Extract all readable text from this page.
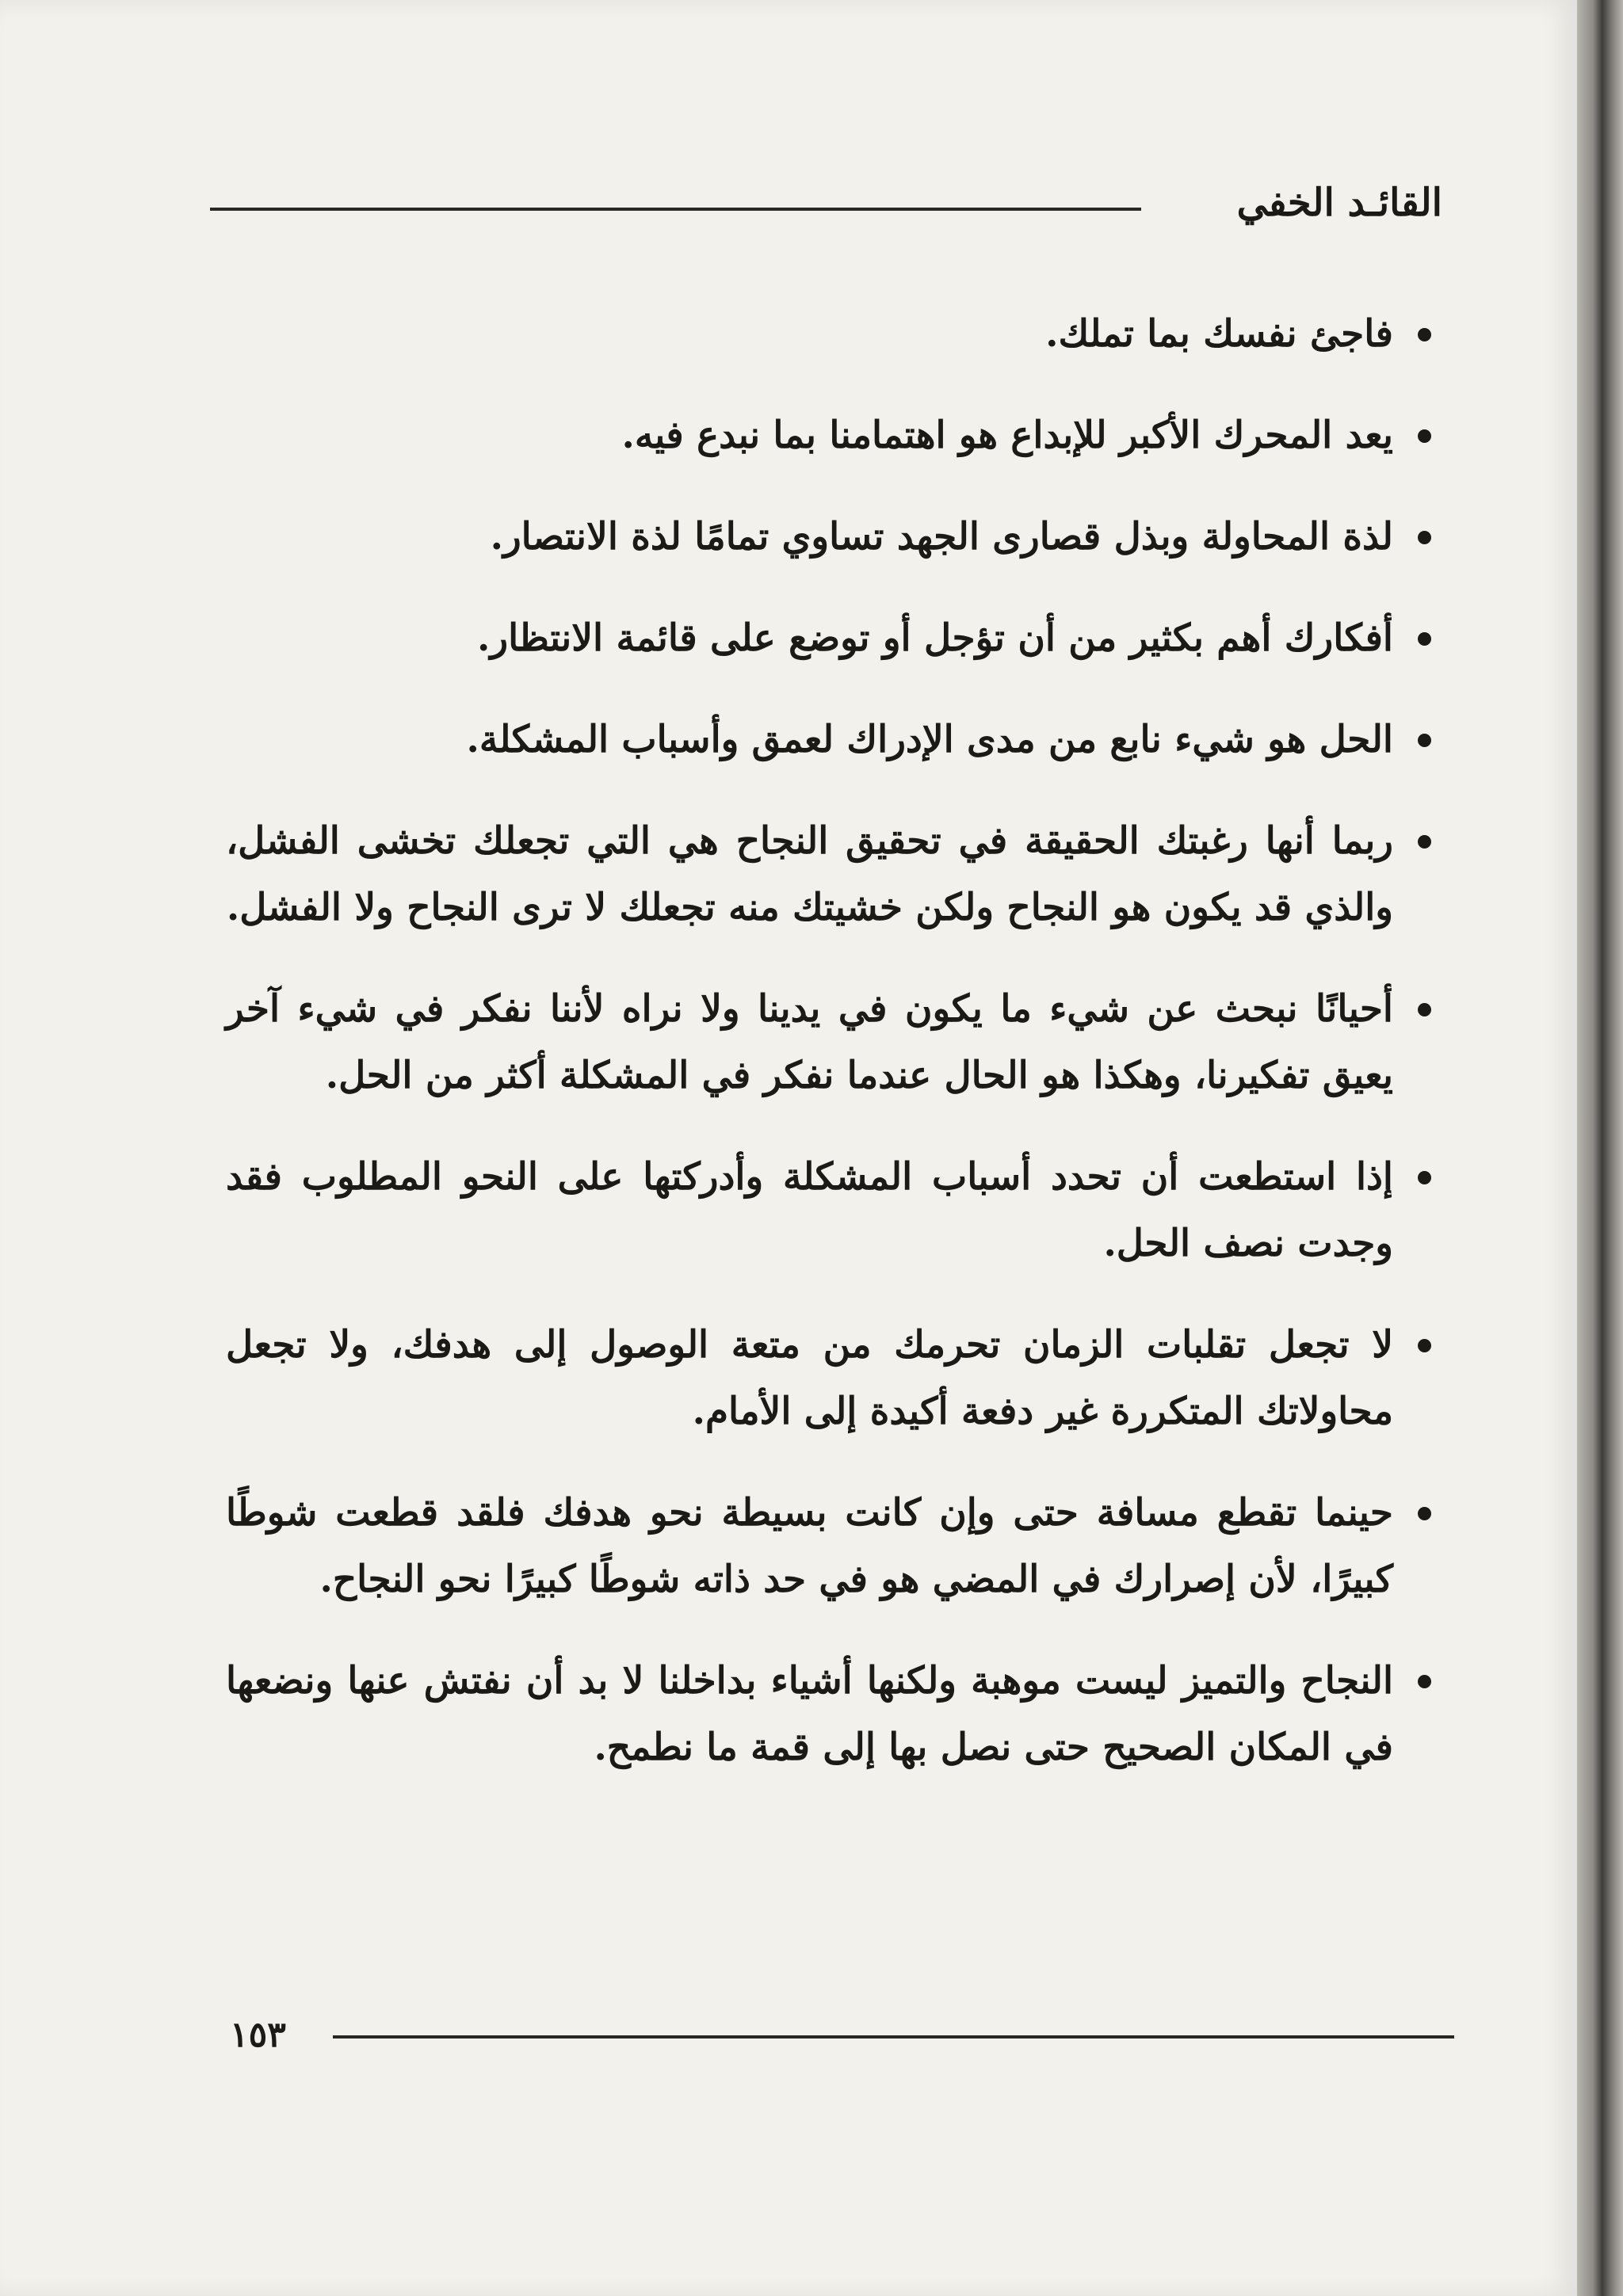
القائـد الخفي
فاجئ نفسك بما تملك.
يعد المحرك الأكبر للإبداع هو اهتمامنا بما نبدع فيه.
لذة المحاولة وبذل قصارى الجهد تساوي تمامًا لذة الانتصار.
أفكارك أهم بكثير من أن تؤجل أو توضع على قائمة الانتظار.
الحل هو شيء نابع من مدى الإدراك لعمق وأسباب المشكلة.
ربما أنها رغبتك الحقيقة في تحقيق النجاح هي التي تجعلك تخشى الفشل، والذي قد يكون هو النجاح ولكن خشيتك منه تجعلك لا ترى النجاح ولا الفشل.
أحيانًا نبحث عن شيء ما يكون في يدينا ولا نراه لأننا نفكر في شيء آخر يعيق تفكيرنا، وهكذا هو الحال عندما نفكر في المشكلة أكثر من الحل.
إذا استطعت أن تحدد أسباب المشكلة وأدركتها على النحو المطلوب فقد وجدت نصف الحل.
لا تجعل تقلبات الزمان تحرمك من متعة الوصول إلى هدفك، ولا تجعل محاولاتك المتكررة غير دفعة أكيدة إلى الأمام.
حينما تقطع مسافة حتى وإن كانت بسيطة نحو هدفك فلقد قطعت شوطًا كبيرًا، لأن إصرارك في المضي هو في حد ذاته شوطًا كبيرًا نحو النجاح.
النجاح والتميز ليست موهبة ولكنها أشياء بداخلنا لا بد أن نفتش عنها ونضعها في المكان الصحيح حتى نصل بها إلى قمة ما نطمح.
١٥٣
